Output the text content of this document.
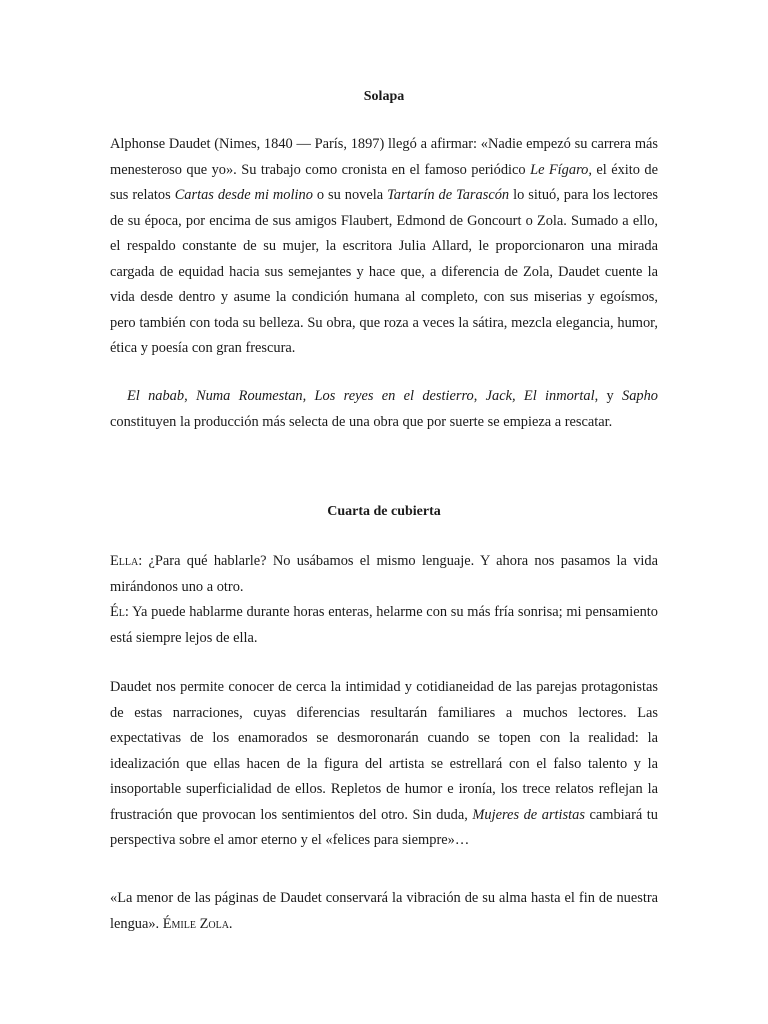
Solapa

Alphonse Daudet (Nimes, 1840 — París, 1897) llegó a afirmar: «Nadie empezó su carrera más menesteroso que yo». Su trabajo como cronista en el famoso periódico Le Fígaro, el éxito de sus relatos Cartas desde mi molino o su novela Tartarín de Tarascón lo situó, para los lectores de su época, por encima de sus amigos Flaubert, Edmond de Goncourt o Zola. Sumado a ello, el respaldo constante de su mujer, la escritora Julia Allard, le proporcionaron una mirada cargada de equidad hacia sus semejantes y hace que, a diferencia de Zola, Daudet cuente la vida desde dentro y asume la condición humana al completo, con sus miserias y egoísmos, pero también con toda su belleza. Su obra, que roza a veces la sátira, mezcla elegancia, humor, ética y poesía con gran frescura.

El nabab, Numa Roumestan, Los reyes en el destierro, Jack, El inmortal, y Sapho constituyen la producción más selecta de una obra que por suerte se empieza a rescatar.

Cuarta de cubierta

Ella: ¿Para qué hablarle? No usábamos el mismo lenguaje. Y ahora nos pasamos la vida mirándonos uno a otro.

Él: Ya puede hablarme durante horas enteras, helarme con su más fría sonrisa; mi pensamiento está siempre lejos de ella.

Daudet nos permite conocer de cerca la intimidad y cotidianeidad de las parejas protagonistas de estas narraciones, cuyas diferencias resultarán familiares a muchos lectores. Las expectativas de los enamorados se desmoronarán cuando se topen con la realidad: la idealización que ellas hacen de la figura del artista se estrellará con el falso talento y la insoportable superficialidad de ellos. Repletos de humor e ironía, los trece relatos reflejan la frustración que provocan los sentimientos del otro. Sin duda, Mujeres de artistas cambiará tu perspectiva sobre el amor eterno y el «felices para siempre»…

«La menor de las páginas de Daudet conservará la vibración de su alma hasta el fin de nuestra lengua». Émile Zola.
